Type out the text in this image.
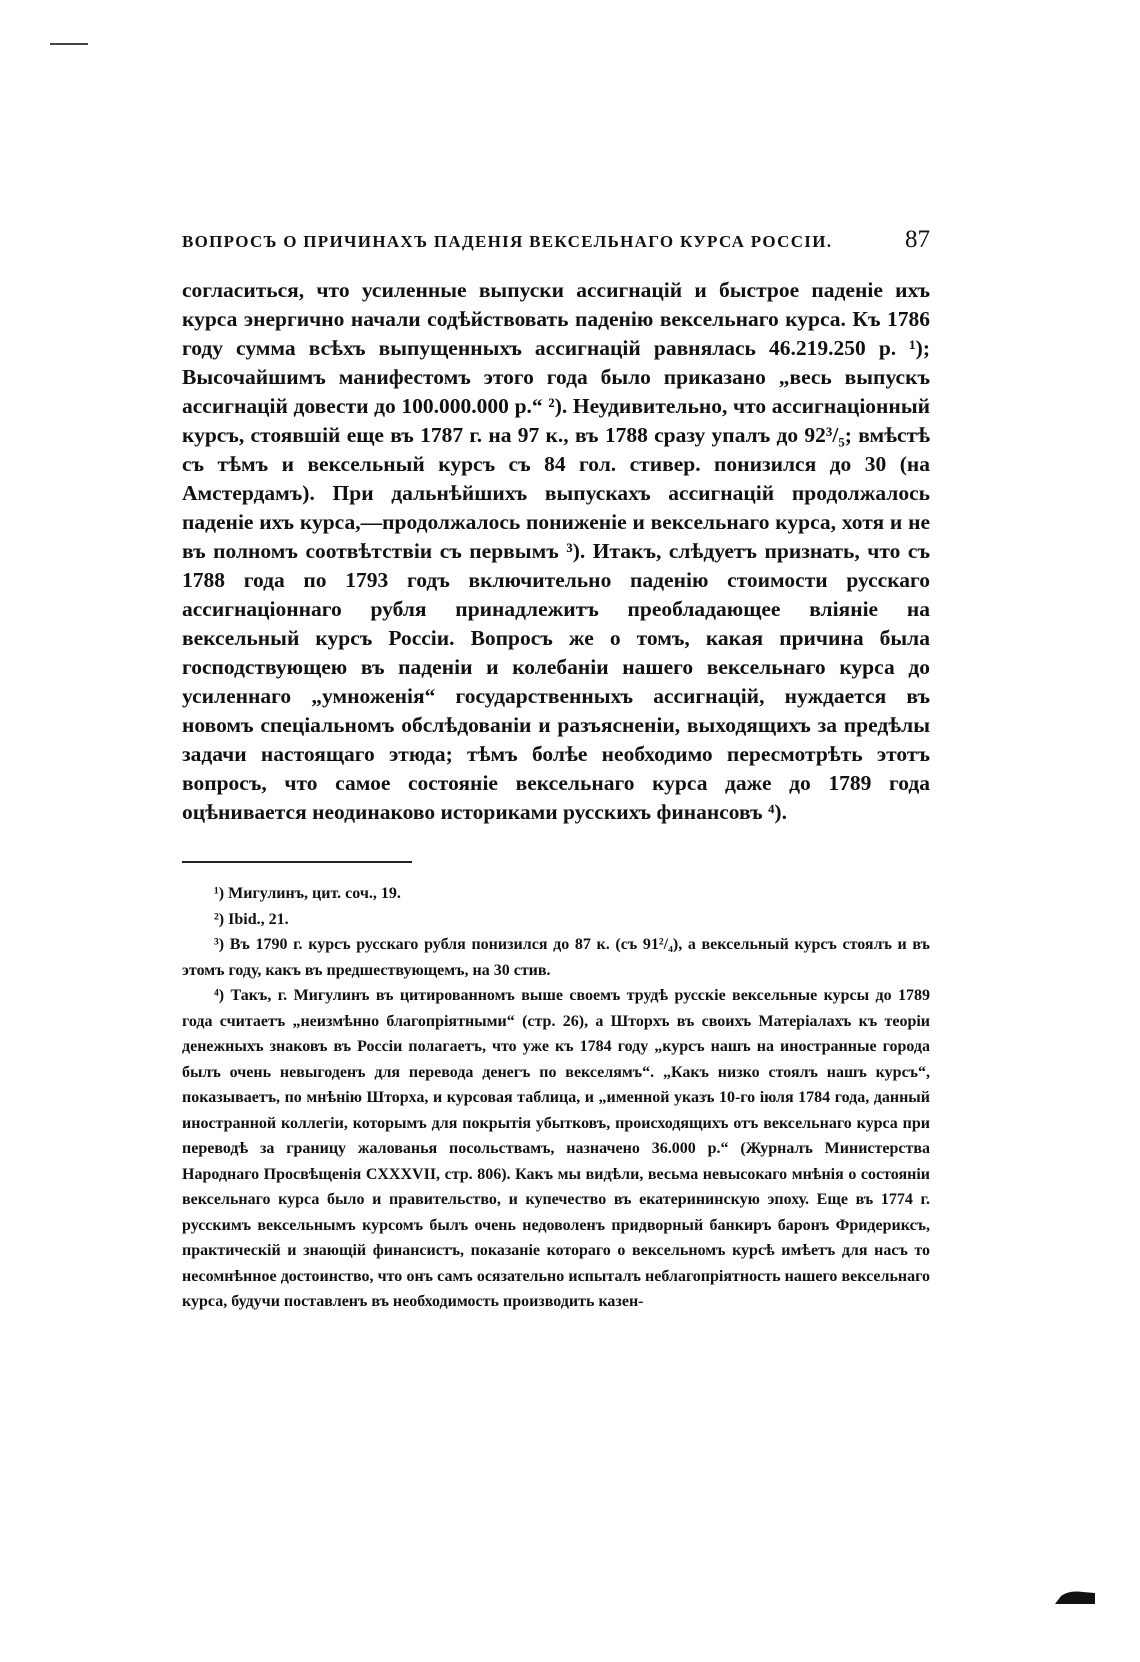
ВОПРОСЪ О ПРИЧИНАХЪ ПАДЕНІЯ ВЕКСЕЛЬНАГО КУРСА РОССІИ.	87

согласиться, что усиленные выпуски ассигнацій и быстрое паденіе ихъ курса энергично начали содѣйствовать паденію вексельнаго курса. Къ 1786 году сумма всѣхъ выпущенныхъ ассигнацій равнялась 46.219.250 р. ¹); Высочайшимъ манифестомъ этого года было приказано „весь выпускъ ассигнацій довести до 100.000.000 р.“ ²). Неудивительно, что ассигнаціонный курсъ, стоявшій еще въ 1787 г. на 97 к., въ 1788 сразу упалъ до 92³/₅; вмѣстѣ съ тѣмъ и вексельный курсъ съ 84 гол. стивер. понизился до 30 (на Амстердамъ). При дальнѣйшихъ выпускахъ ассигнацій продолжалось паденіе ихъ курса,—продолжалось пониженіе и вексельнаго курса, хотя и не въ полномъ соотвѣтствіи съ первымъ ³). Итакъ, слѣдуетъ признать, что съ 1788 года по 1793 годъ включительно паденію стоимости русскаго ассигнаціоннаго рубля принадлежитъ преобладающее вліяніе на вексельный курсъ Россіи. Вопросъ же о томъ, какая причина была господствующею въ паденіи и колебаніи нашего вексельнаго курса до усиленнаго „умноженія“ государственныхъ ассигнацій, нуждается въ новомъ спеціальномъ обслѣдованіи и разъясненіи, выходящихъ за предѣлы задачи настоящаго этюда; тѣмъ болѣе необходимо пересмотрѣть этотъ вопросъ, что самое состояніе вексельнаго курса даже до 1789 года оцѣнивается неодинаково историками русскихъ финансовъ ⁴).

¹) Мигулинъ, цит. соч., 19.

²) Ibid., 21.

³) Въ 1790 г. курсъ русскаго рубля понизился до 87 к. (съ 91²/₄), а вексельный курсъ стоялъ и въ этомъ году, какъ въ предшествующемъ, на 30 стив.

⁴) Такъ, г. Мигулинъ въ цитированномъ выше своемъ трудѣ русскіе вексельные курсы до 1789 года считаетъ „неизмѣнно благопріятными“ (стр. 26), а Шторхъ въ своихъ Матеріалахъ къ теоріи денежныхъ знаковъ въ Россіи полагаетъ, что уже къ 1784 году „курсъ нашъ на иностранные города былъ очень невыгоденъ для перевода денегъ по векселямъ“. „Какъ низко стоялъ нашъ курсъ“, показываетъ, по мнѣнію Шторха, и курсовая таблица, и „именной указъ 10-го іюля 1784 года, данный иностранной коллегіи, которымъ для покрытія убытковъ, происходящихъ отъ вексельнаго курса при переводѣ за границу жалованья посольствамъ, назначено 36.000 р.“ (Журналъ Министерства Народнаго Просвѣщенія CXXXVII, стр. 806). Какъ мы видѣли, весьма невысокаго мнѣнія о состояніи вексельнаго курса было и правительство, и купечество въ екатерининскую эпоху. Еще въ 1774 г. русскимъ вексельнымъ курсомъ былъ очень недоволенъ придворный банкиръ баронъ Фридериксъ, практическій и знающій финансистъ, показаніе котораго о вексельномъ курсѣ имѣетъ для насъ то несомнѣнное достоинство, что онъ самъ осязательно испыталъ неблагопріятность нашего вексельнаго курса, будучи поставленъ въ необходимость производить казен-
